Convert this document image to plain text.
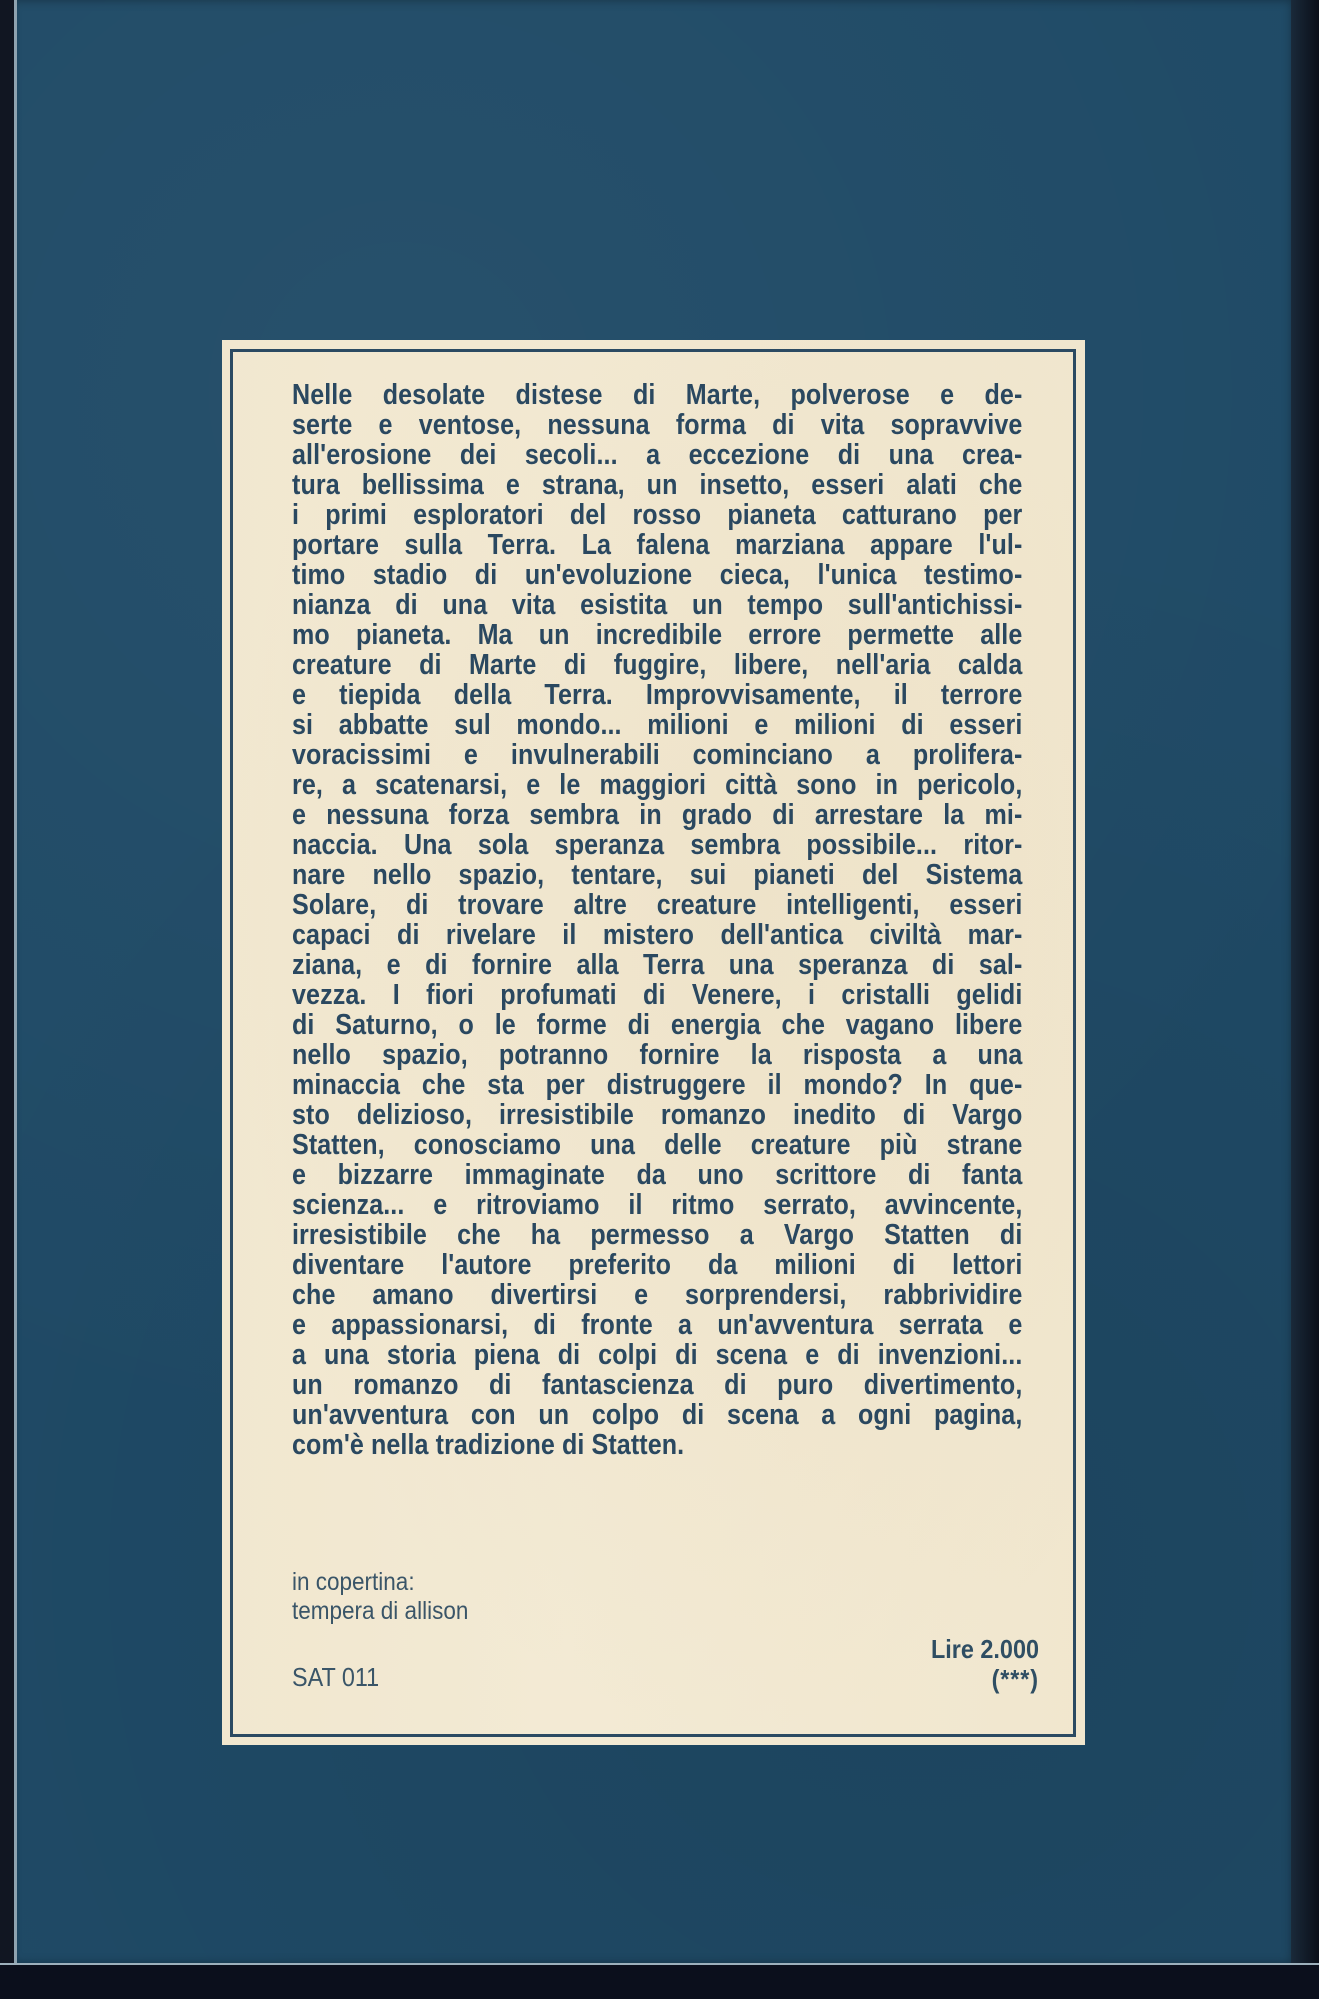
Nelle desolate distese di Marte, polverose e de-
serte e ventose, nessuna forma di vita sopravvive
all'erosione dei secoli... a eccezione di una crea-
tura bellissima e strana, un insetto, esseri alati che
i primi esploratori del rosso pianeta catturano per
portare sulla Terra. La falena marziana appare l'ul-
timo stadio di un'evoluzione cieca, l'unica testimo-
nianza di una vita esistita un tempo sull'antichissi-
mo pianeta. Ma un incredibile errore permette alle
creature di Marte di fuggire, libere, nell'aria calda
e tiepida della Terra. Improvvisamente, il terrore
si abbatte sul mondo... milioni e milioni di esseri
voracissimi e invulnerabili cominciano a prolifera-
re, a scatenarsi, e le maggiori città sono in pericolo,
e nessuna forza sembra in grado di arrestare la mi-
naccia. Una sola speranza sembra possibile... ritor-
nare nello spazio, tentare, sui pianeti del Sistema
Solare, di trovare altre creature intelligenti, esseri
capaci di rivelare il mistero dell'antica civiltà mar-
ziana, e di fornire alla Terra una speranza di sal-
vezza. I fiori profumati di Venere, i cristalli gelidi
di Saturno, o le forme di energia che vagano libere
nello spazio, potranno fornire la risposta a una
minaccia che sta per distruggere il mondo? In que-
sto delizioso, irresistibile romanzo inedito di Vargo
Statten, conosciamo una delle creature più strane
e bizzarre immaginate da uno scrittore di fanta
scienza... e ritroviamo il ritmo serrato, avvincente,
irresistibile che ha permesso a Vargo Statten di
diventare l'autore preferito da milioni di lettori
che amano divertirsi e sorprendersi, rabbrividire
e appassionarsi, di fronte a un'avventura serrata e
a una storia piena di colpi di scena e di invenzioni...
un romanzo di fantascienza di puro divertimento,
un'avventura con un colpo di scena a ogni pagina,
com'è nella tradizione di Statten.
in copertina:
tempera di allison
SAT 011
Lire 2.000
(***)
